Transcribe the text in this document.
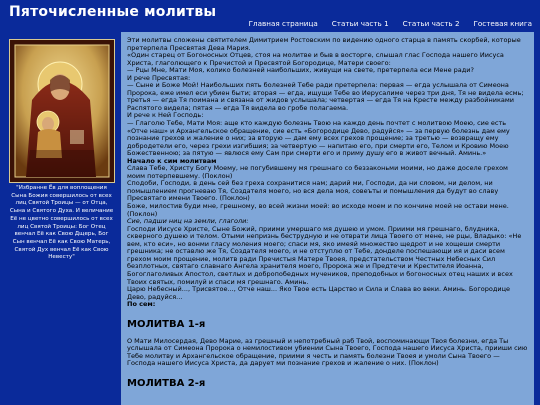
Пяточисленные молитвы
Главная страница Статьи часть 1 Статьи часть 2 Гостевая книга
"Избранне Ёв для воплощения Сына Божия совершилось от всех лиц Святой Троицы — от Отца, Сына и Святого Духа. И величание Её не цветно совершилось от всех лиц Святой Троицы: Бог Отец венчал Её как Свою Дщерь, Бог Сын венчал Её как Свою Матерь, Святой Дух венчал Её как Свою Невесту"

Эти молитвы сложены святителем Димитрием Ростовским по видению одного старца в память скорбей, которые претерпела Пресвятая Дева Мария.

«Один старец от Богоносных Отцев, стоя на молитве и быв в восторге, слышал глас Господа нашего Иисуса Христа, глаголющего к Пречистой и Пресвятой Богородице, Матери своего:

— Рцы Мне, Мати Моя, колико болезней наибольших, живущи на свете, претерпела еси Мене ради?

И рече Пресвятая:

— Сыне и Боже Мой! Наибольших пять болезней Тебе ради претерпела: первая — егда услышала от Симеона Пророка, еже имел еси убиен быти; вторая — егда, ищущи Тебе во Иерусалиме через три дня, Тя не видела есмь; третья — егда Тя поимана и связана от жидов услышала; четвертая — егда Тя на Кресте между разбойниками Распятого видела; пятая — егда Тя видела во гробе полагаема.

И рече к Ней Господь:

— Глаголю Тебе, Мати Моя: аще кто каждую болезнь Твою на каждо день почтет с молитвою Моею, сие есть «Отче наш» и Архангельское обращение, сие есть «Богородице Дево, радуйся» — за первую болезнь дам ему познание грехов и жаление о них; за вторую — дам ему всех грехов прощение; за третью — возвращу ему добродетели его, через грехи изгибшия; за четвертую — напитаю его, при смерти его, Телом и Кровию Моею Божественною; за пятую — явлюся ему Сам при смерти его и приму душу его в живот вечный. Аминь.»

Начало к сим молитвам

Слава Тебе, Христу Богу Моему, не погубившему мя грешнаго со беззаконьми моими, но даже доселе грехом моим потерпевшему. (Поклон)

Сподоби, Господи, в день сей без греха сохранитися нам; дарий ми, Господи, да ни словом, ни делом, ни помышлением прогневаю Тя, Создателя моего, но вся дела моя, совеъты и помышления да будут во славу Пресвятаго имени Твоего. (Поклон)

Боже, милостив буди мне, грешному, во всей жизни моей: во исходе моем и по кончине моей не остави мене. (Поклон)

Сие, падши ниц на земли, глаголи:

Господи Иисусе Христе, Сыне Божий, приими умершаго мя душею и умом. Приими мя грешнаго, блудника, скверного душею и телом. Отыми непризнь беструдную и не отврати лица Твоего от мене, не рцы, Владыко: «Не вем, кто еси», но вонми гласу моления моего; спаси мя, яко имеяй множество щедрот и не хощеши смерти грешника; не оставлю же Тя, Создателя моего, и не отступлю от Тебе, донделе поспешающи ия и даси всем грехом моим прощение, молитв ради Пречистыя Матере Твоея, предстательством Честных Небесных Сил безплотных, святаго славнаго Ангела хранителя моего, Пророка же и Предтечи и Крестителя Иоанна, Богоглаголивых Апостол, светлых и добропобедных мучеников, преподобных и богоносных отец наших и всех Твоих святых, помилуй и спаси мя грешнаго. Аминь.

Царю Небесный..., Трисвятое..., Отче наш... Яко Твое есть Царство и Сила и Слава во веки. Аминь. Богородице Дево, радуйся...

По сем:

МОЛИТВА 1-я

О Мати Милосердая, Дево Марие, аз грешный и непотребный раб Твой, воспоминающи Твоя болезни, егда Ты услышала от Симеона Пророка о немилостивом убиении Сына Твоего, Господа нашего Иисуса Христа, прииши сию Тебе молитву и Архангельское обращение, приими я честь и память болезни Твоея и умоли Сына Твоего — Господа нашего Иисуса Христа, да дарует ми познание грехов и жаление о них. (Поклон)

МОЛИТВА 2-я
